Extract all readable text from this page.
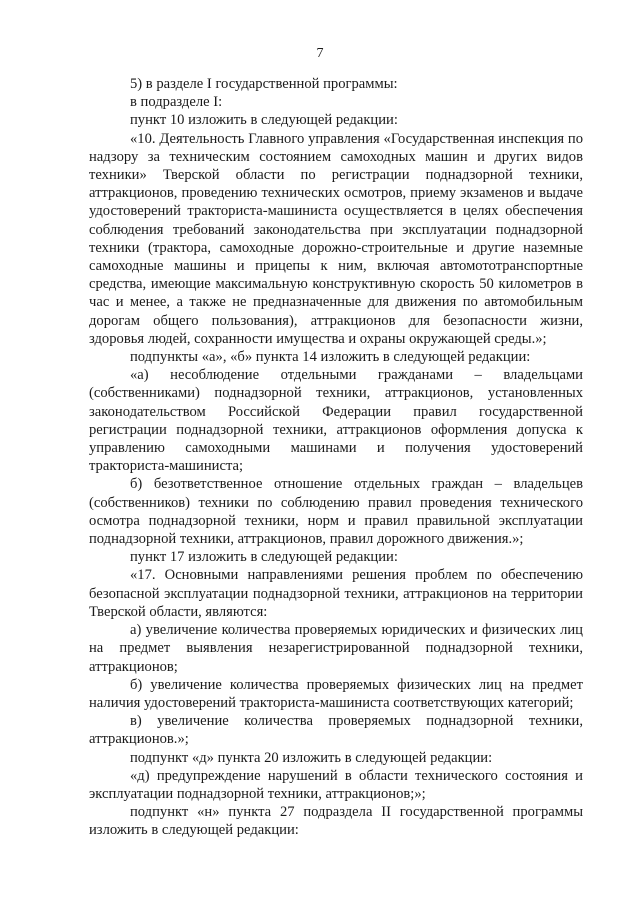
7

5) в разделе I государственной программы:

в подразделе I:

пункт 10 изложить в следующей редакции:

«10. Деятельность Главного управления «Государственная инспекция по надзору за техническим состоянием самоходных машин и других видов техники» Тверской области по регистрации поднадзорной техники, аттракционов, проведению технических осмотров, приему экзаменов и выдаче удостоверений тракториста-машиниста осуществляется в целях обеспечения соблюдения требований законодательства при эксплуатации поднадзорной техники (трактора, самоходные дорожно-строительные и другие наземные самоходные машины и прицепы к ним, включая автомототранспортные средства, имеющие максимальную конструктивную скорость 50 километров в час и менее, а также не предназначенные для движения по автомобильным дорогам общего пользования), аттракционов для безопасности жизни, здоровья людей, сохранности имущества и охраны окружающей среды.»;

подпункты «а», «б» пункта 14 изложить в следующей редакции:

«а) несоблюдение отдельными гражданами – владельцами (собственниками) поднадзорной техники, аттракционов, установленных законодательством Российской Федерации правил государственной регистрации поднадзорной техники, аттракционов оформления допуска к управлению самоходными машинами и получения удостоверений тракториста-машиниста;

б) безответственное отношение отдельных граждан – владельцев (собственников) техники по соблюдению правил проведения технического осмотра поднадзорной техники, норм и правил правильной эксплуатации поднадзорной техники, аттракционов, правил дорожного движения.»;

пункт 17 изложить в следующей редакции:

«17. Основными направлениями решения проблем по обеспечению безопасной эксплуатации поднадзорной техники, аттракционов на территории Тверской области, являются:

а) увеличение количества проверяемых юридических и физических лиц на предмет выявления незарегистрированной поднадзорной техники, аттракционов;

б) увеличение количества проверяемых физических лиц на предмет наличия удостоверений тракториста-машиниста соответствующих категорий;

в) увеличение количества проверяемых поднадзорной техники, аттракционов.»;

подпункт «д» пункта 20 изложить в следующей редакции:

«д) предупреждение нарушений в области технического состояния и эксплуатации поднадзорной техники, аттракционов;»;

подпункт «н» пункта 27 подраздела II государственной программы изложить в следующей редакции:
